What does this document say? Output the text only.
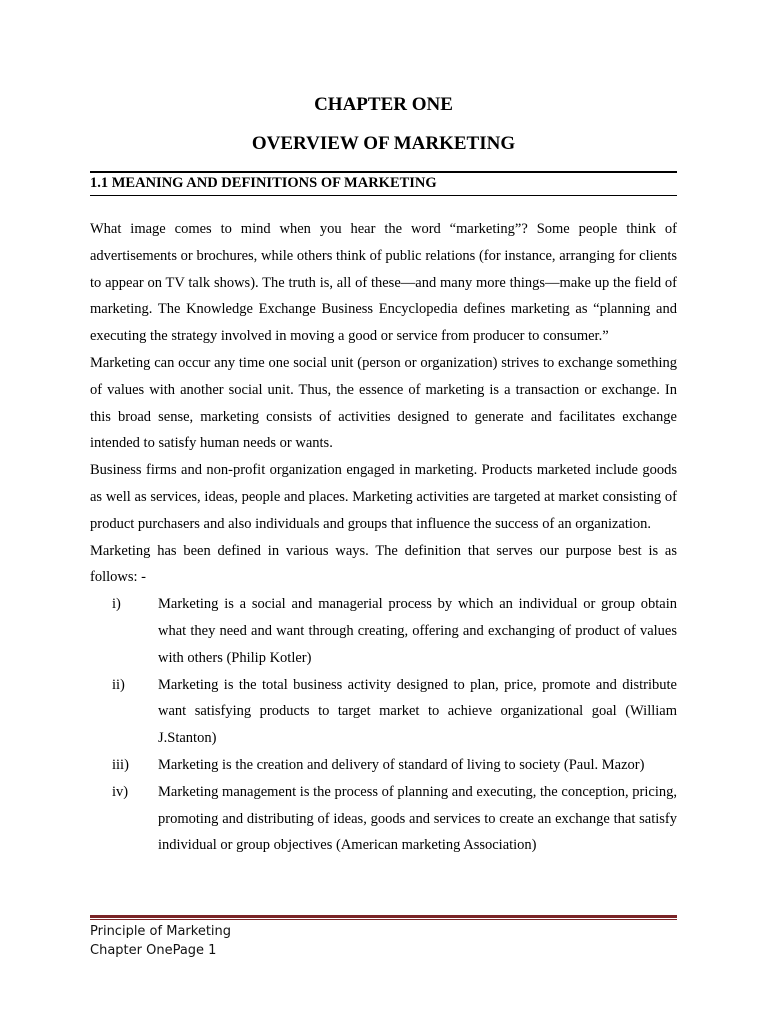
CHAPTER ONE
OVERVIEW OF MARKETING
1.1 MEANING AND DEFINITIONS OF MARKETING

What image comes to mind when you hear the word “marketing”? Some people think of advertisements or brochures, while others think of public relations (for instance, arranging for clients to appear on TV talk shows). The truth is, all of these—and many more things—make up the field of marketing. The Knowledge Exchange Business Encyclopedia defines marketing as “planning and executing the strategy involved in moving a good or service from producer to consumer.”

Marketing can occur any time one social unit (person or organization) strives to exchange something of values with another social unit. Thus, the essence of marketing is a transaction or exchange. In this broad sense, marketing consists of activities designed to generate and facilitates exchange intended to satisfy human needs or wants.

Business firms and non-profit organization engaged in marketing. Products marketed include goods as well as services, ideas, people and places. Marketing activities are targeted at market consisting of product purchasers and also individuals and groups that influence the success of an organization.

Marketing has been defined in various ways. The definition that serves our purpose best is as follows: -

i)	Marketing is a social and managerial process by which an individual or group obtain what they need and want through creating, offering and exchanging of product of values with others (Philip Kotler)
ii) Marketing is the total business activity designed to plan, price, promote and distribute want satisfying products to target market to achieve organizational goal (William J.Stanton)
iii) Marketing is the creation and delivery of standard of living to society (Paul. Mazor)
iv) Marketing management is the process of planning and executing, the conception, pricing, promoting and distributing of ideas, goods and services to create an exchange that satisfy individual or group objectives (American marketing Association)
Principle of Marketing
Chapter OnePage 1
